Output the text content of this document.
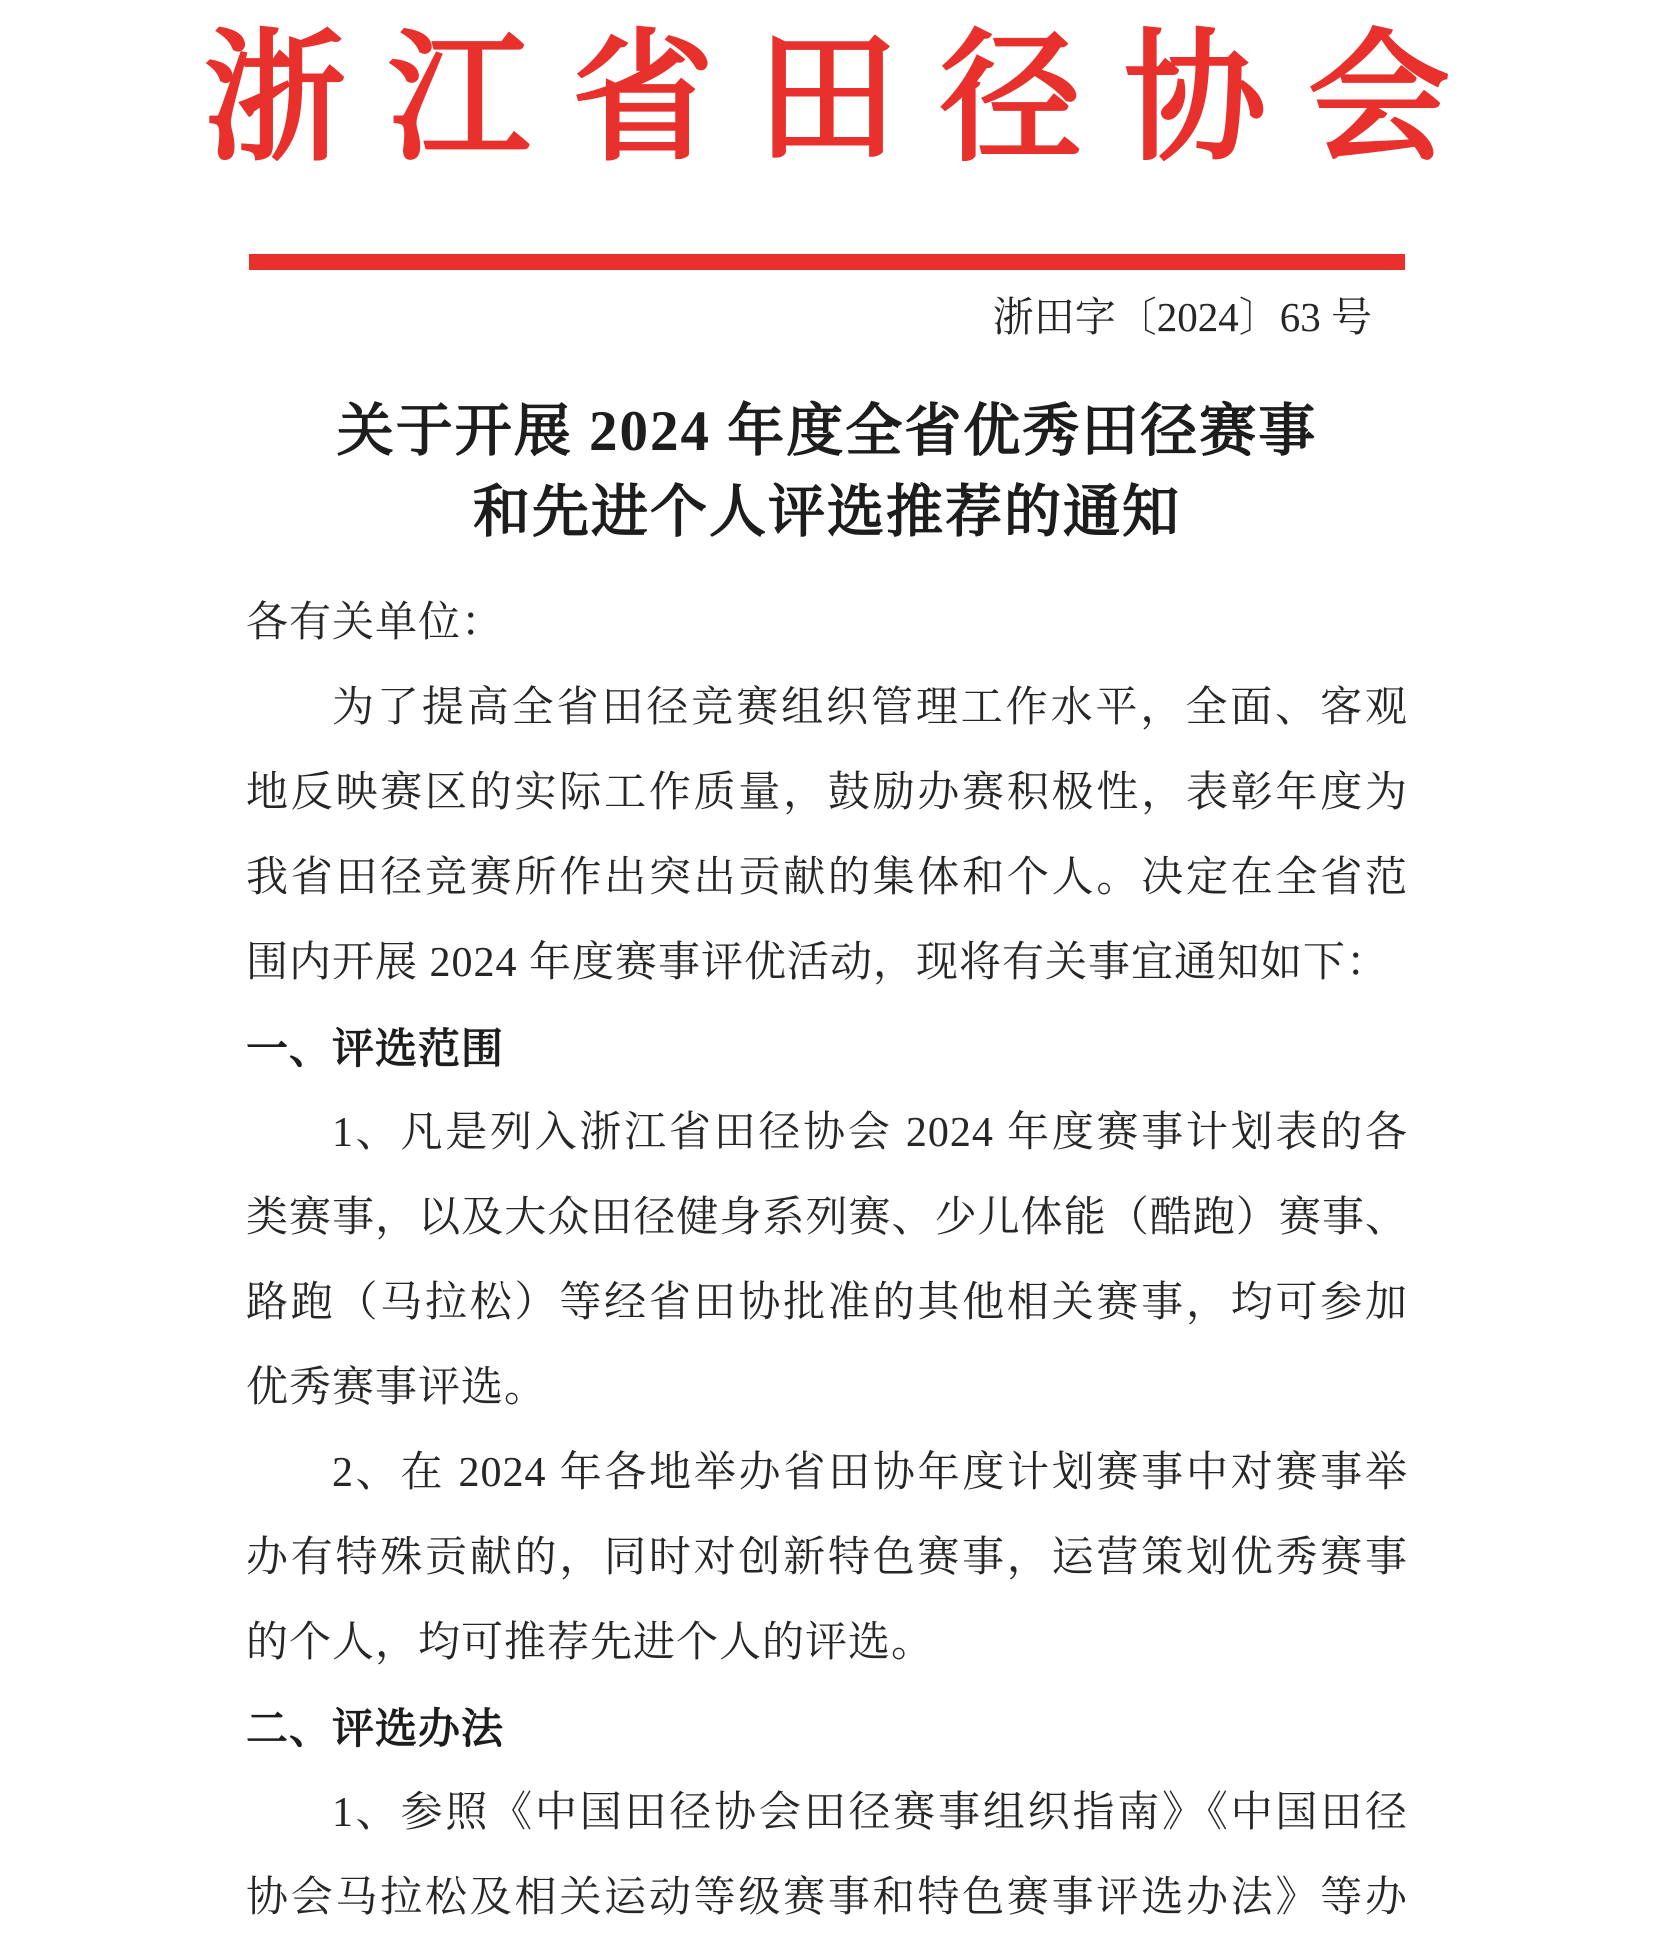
浙江省田径协会
浙田字〔2024〕63 号
关于开展 2024 年度全省优秀田径赛事
和先进个人评选推荐的通知
各有关单位：
为了提高全省田径竞赛组织管理工作水平，全面、客观
地反映赛区的实际工作质量，鼓励办赛积极性，表彰年度为
我省田径竞赛所作出突出贡献的集体和个人。决定在全省范
围内开展 2024 年度赛事评优活动，现将有关事宜通知如下：
一、评选范围
1、凡是列入浙江省田径协会 2024 年度赛事计划表的各
类赛事，以及大众田径健身系列赛、少儿体能（酷跑）赛事、
路跑（马拉松）等经省田协批准的其他相关赛事，均可参加
优秀赛事评选。
2、在 2024 年各地举办省田协年度计划赛事中对赛事举
办有特殊贡献的，同时对创新特色赛事，运营策划优秀赛事
的个人，均可推荐先进个人的评选。
二、评选办法
1、参照《中国田径协会田径赛事组织指南》《中国田径
协会马拉松及相关运动等级赛事和特色赛事评选办法》等办
